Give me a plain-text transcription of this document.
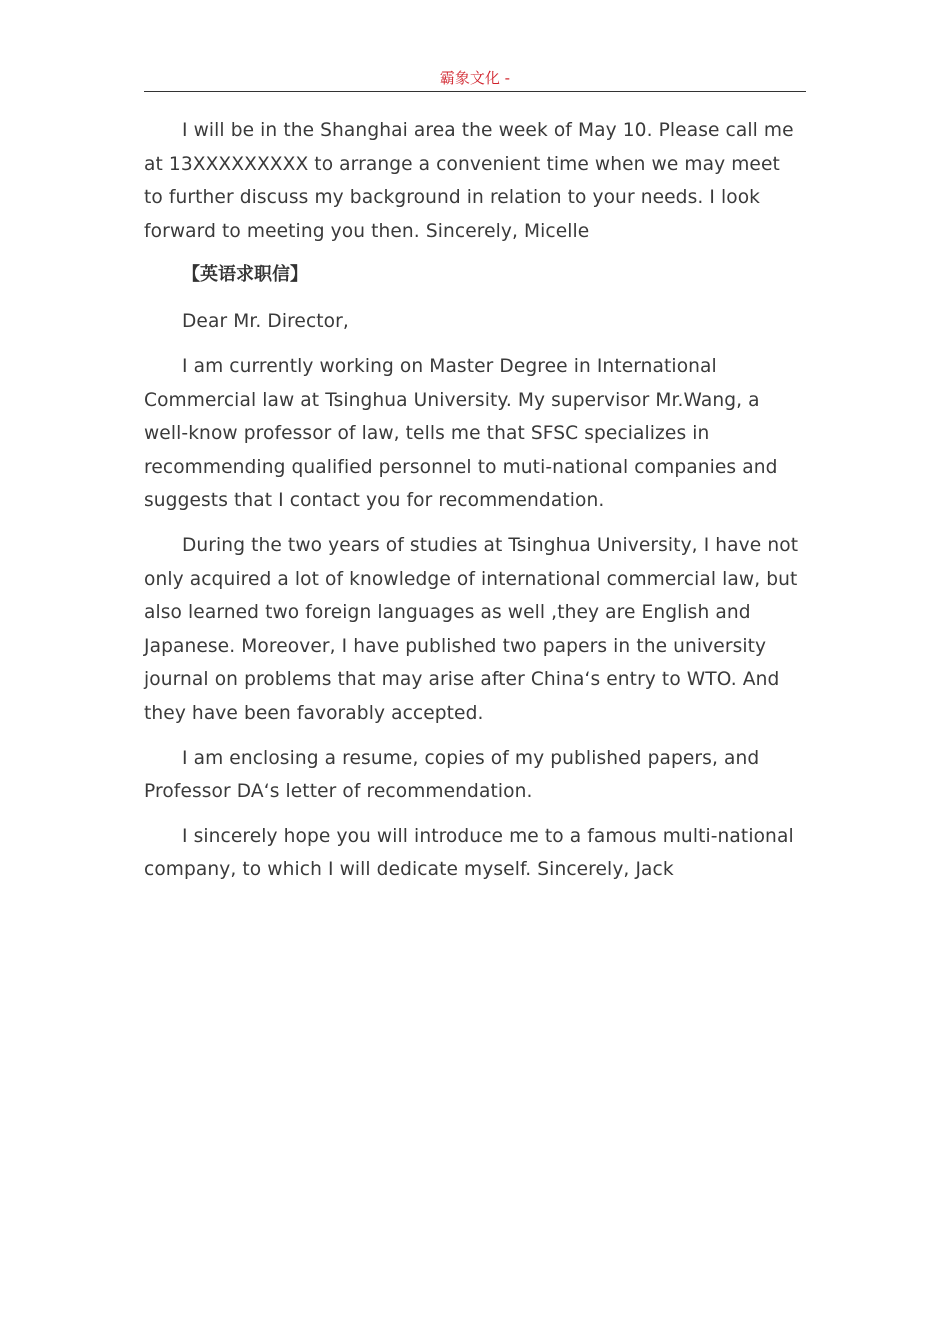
霸象文化 -

I will be in the Shanghai area the week of May 10. Please call me at 13XXXXXXXXX to arrange a convenient time when we may meet to further discuss my background in relation to your needs. I look forward to meeting you then. Sincerely, Micelle

【英语求职信】

Dear Mr. Director,

I am currently working on Master Degree in International Commercial law at Tsinghua University. My supervisor Mr.Wang, a well-know professor of law, tells me that SFSC specializes in recommending qualified personnel to muti-national companies and suggests that I contact you for recommendation.

During the two years of studies at Tsinghua University, I have not only acquired a lot of knowledge of international commercial law, but also learned two foreign languages as well ,they are English and Japanese. Moreover, I have published two papers in the university journal on problems that may arise after China‘s entry to WTO. And they have been favorably accepted.

I am enclosing a resume, copies of my published papers, and Professor DA‘s letter of recommendation.

I sincerely hope you will introduce me to a famous multi-national company, to which I will dedicate myself. Sincerely, Jack
